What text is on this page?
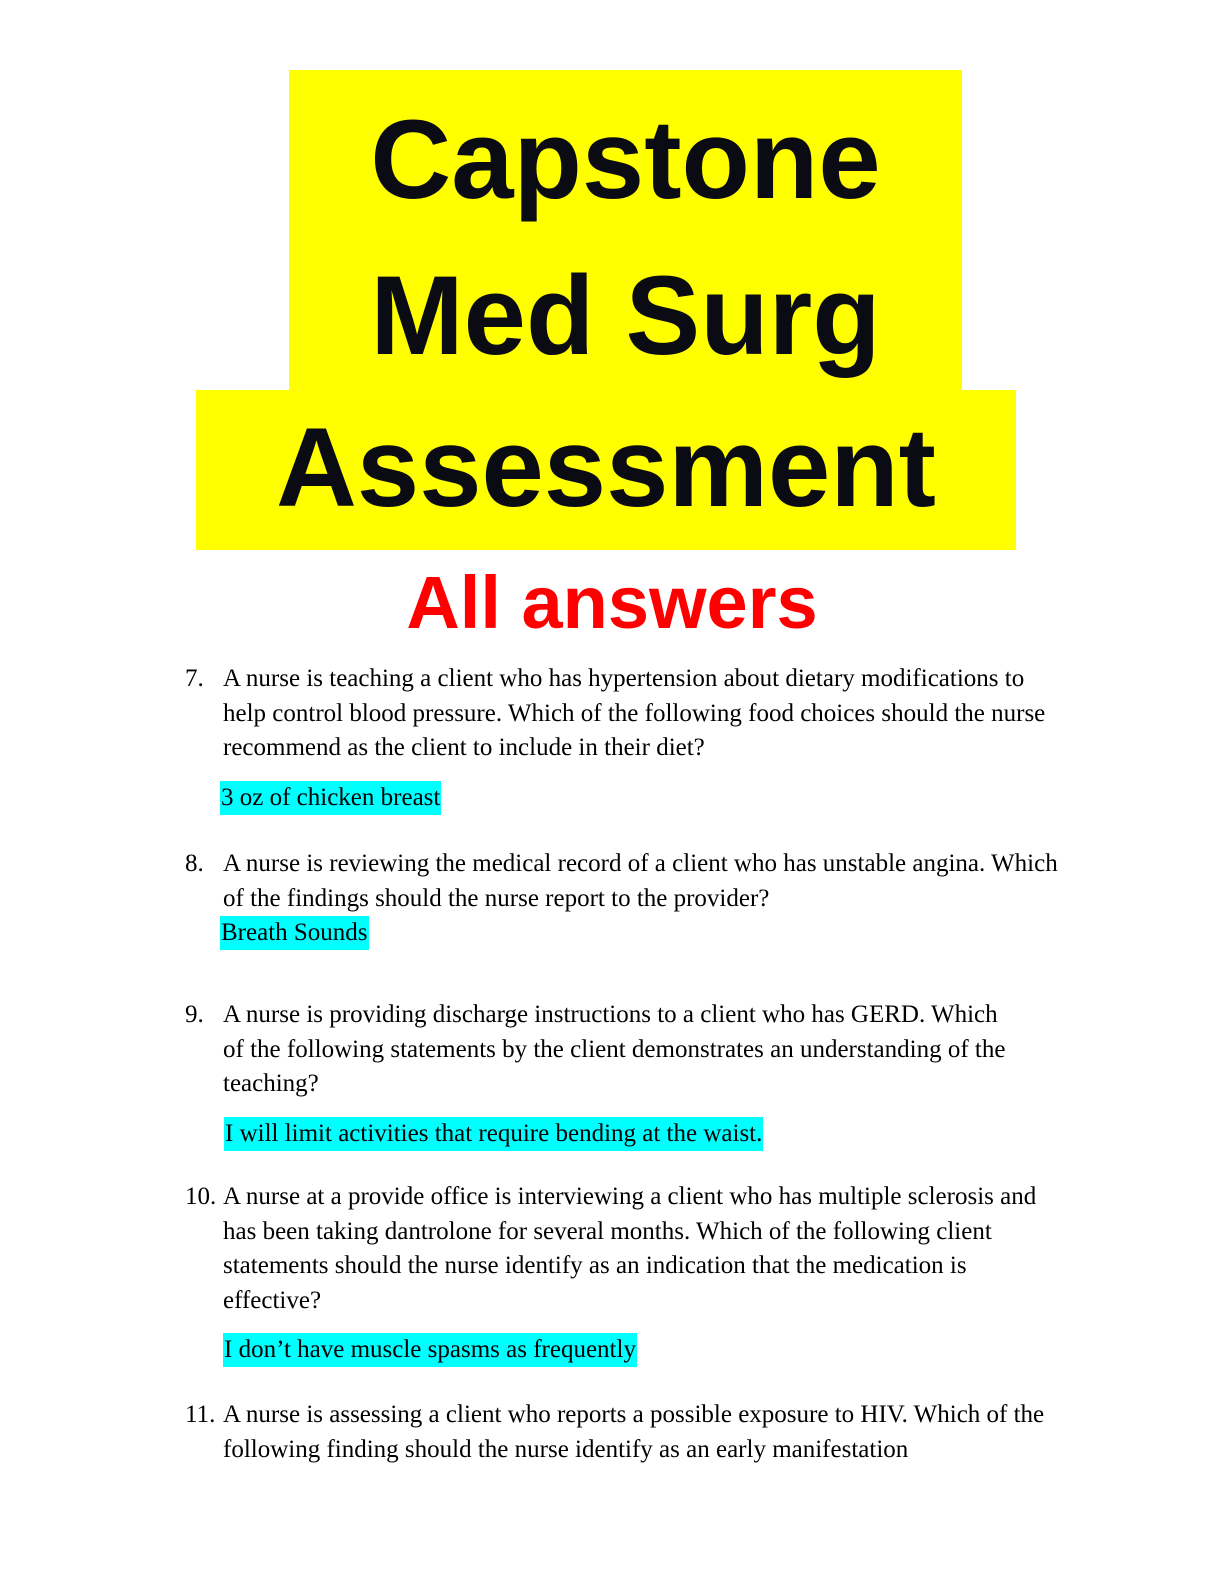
Capstone
Med Surg
Assessment
All answers
7. A nurse is teaching a client who has hypertension about dietary modifications to help control blood pressure. Which of the following food choices should the nurse recommend as the client to include in their diet?
3 oz of chicken breast
8. A nurse is reviewing the medical record of a client who has unstable angina. Which of the findings should the nurse report to the provider?
Breath Sounds
9. A nurse is providing discharge instructions to a client who has GERD. Which of the following statements by the client demonstrates an understanding of the teaching?
I will limit activities that require bending at the waist.
10. A nurse at a provide office is interviewing a client who has multiple sclerosis and has been taking dantrolone for several months. Which of the following client statements should the nurse identify as an indication that the medication is effective?
I don’t have muscle spasms as frequently
11. A nurse is assessing a client who reports a possible exposure to HIV. Which of the following finding should the nurse identify as an early manifestation
